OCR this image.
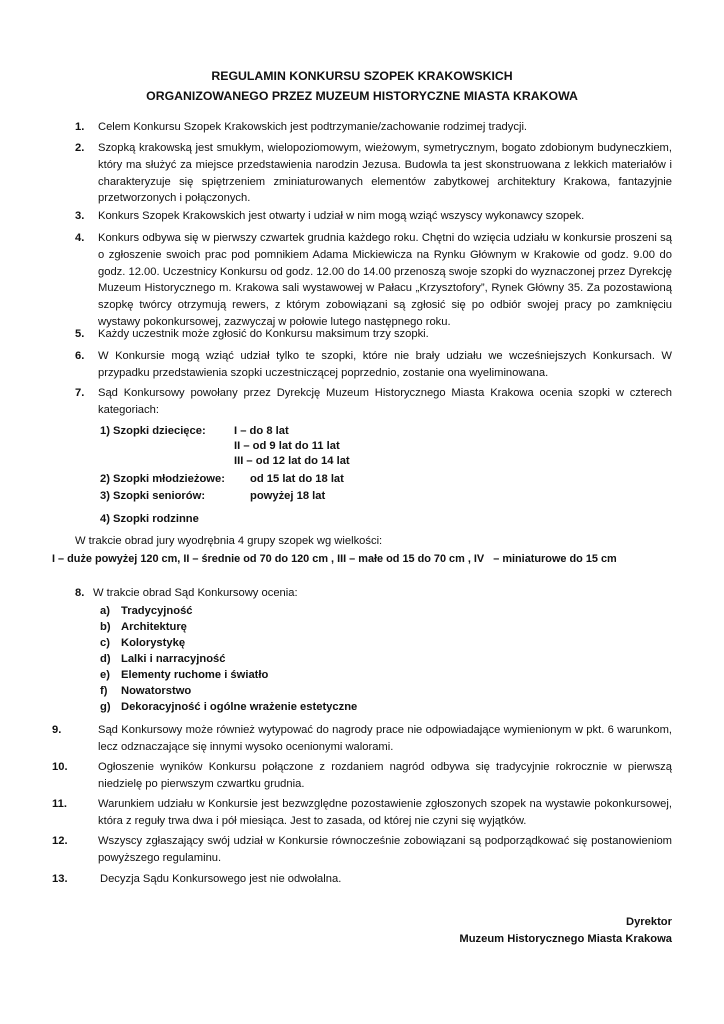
REGULAMIN KONKURSU SZOPEK KRAKOWSKICH
ORGANIZOWANEGO PRZEZ MUZEUM HISTORYCZNE MIASTA KRAKOWA
1. Celem Konkursu Szopek Krakowskich jest podtrzymanie/zachowanie rodzimej tradycji.
2. Szopką krakowską jest smukłym, wielopoziomowym, wieżowym, symetrycznym, bogato zdobionym budyneczkiem, który ma służyć za miejsce przedstawienia narodzin Jezusa. Budowla ta jest skonstruowana z lekkich materiałów i charakteryzuje się spiętrzeniem zminiaturowanych elementów zabytkowej architektury Krakowa, fantazyjnie przetworzonych i połączonych.
3. Konkurs Szopek Krakowskich jest otwarty i udział w nim mogą wziąć wszyscy wykonawcy szopek.
4. Konkurs odbywa się w pierwszy czwartek grudnia każdego roku. Chętni do wzięcia udziału w konkursie proszeni są o zgłoszenie swoich prac pod pomnikiem Adama Mickiewicza na Rynku Głównym w Krakowie od godz. 9.00 do godz. 12.00. Uczestnicy Konkursu od godz. 12.00 do 14.00 przenoszą swoje szopki do wyznaczonej przez Dyrekcję Muzeum Historycznego m. Krakowa sali wystawowej w Pałacu „Krzysztofory”, Rynek Główny 35. Za pozostawioną szopkę twórcy otrzymują rewers, z którym zobowiązani są zgłosić się po odbiór swojej pracy po zamknięciu wystawy pokonkursowej, zazwyczaj w połowie lutego następnego roku.
5. Każdy uczestnik może zgłosić do Konkursu maksimum trzy szopki.
6. W Konkursie mogą wziąć udział tylko te szopki, które nie brały udziału we wcześniejszych Konkursach. W przypadku przedstawienia szopki uczestniczącej poprzednio, zostanie ona wyeliminowana.
7. Sąd Konkursowy powołany przez Dyrekcję Muzeum Historycznego Miasta Krakowa ocenia szopki w czterech kategoriach:
1) Szopki dziecięce:	I – do 8 lat
II – od 9 lat do 11 lat
III – od 12 lat do 14 lat
2) Szopki młodzieżowe: od 15 lat do 18 lat
3) Szopki seniorów:	powyżej 18 lat
4) Szopki rodzinne
W trakcie obrad jury wyodrębnia 4 grupy szopek wg wielkości:
I – duże powyżej 120 cm, II – średnie od 70 do 120 cm , III – małe od 15 do 70 cm , IV   – miniaturowe do 15 cm
8. W trakcie obrad Sąd Konkursowy ocenia:
a) Tradycyjność
b) Architekturę
c) Kolorystykę
d) Lalki i narracyjność
e) Elementy ruchome i światło
f) Nowatorstwo
g) Dekoracyjność i ogólne wrażenie estetyczne
9.	Sąd Konkursowy może również wytypować do nagrody prace nie odpowiadające wymienionym w pkt. 6 warunkom, lecz odznaczające się innymi wysoko ocenionymi walorami.
10.	Ogłoszenie wyników Konkursu połączone z rozdaniem nagród odbywa się tradycyjnie rokrocznie w pierwszą niedzielę po pierwszym czwartku grudnia.
11.	Warunkiem udziału w Konkursie jest bezwzględne pozostawienie zgłoszonych szopek na wystawie pokonkursowej, która z reguły trwa dwa i pół miesiąca. Jest to zasada, od której nie czyni się wyjątków.
12.	Wszyscy zgłaszający swój udział w Konkursie równocześnie zobowiązani są podporządkować się postanowieniom powyższego regulaminu.
13.	Decyzja Sądu Konkursowego jest nie odwołalna.
Dyrektor
Muzeum Historycznego Miasta Krakowa
